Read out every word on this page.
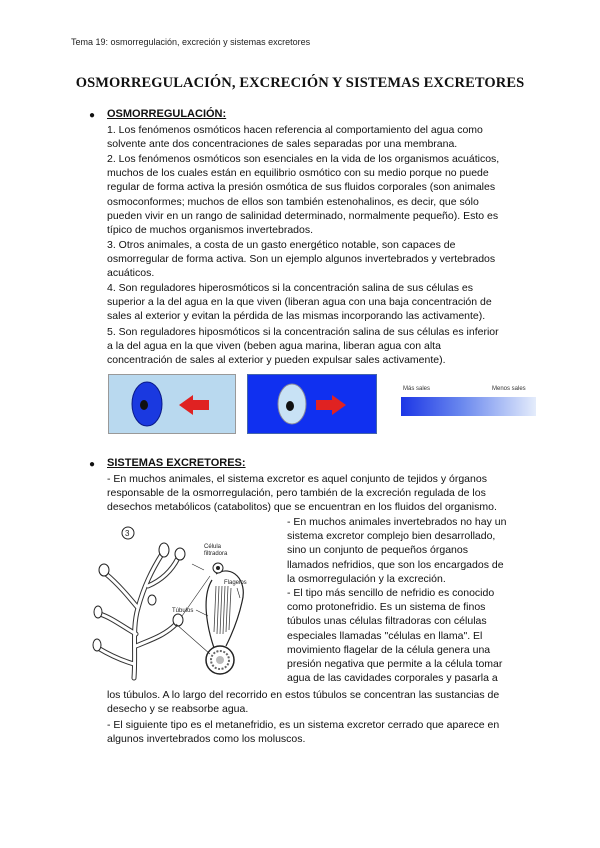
Tema 19: osmorregulación, excreción y sistemas excretores
OSMORREGULACIÓN, EXCRECIÓN Y SISTEMAS EXCRETORES
● OSMORREGULACIÓN:

1. Los fenómenos osmóticos hacen referencia al comportamiento del agua como solvente ante dos concentraciones de sales separadas por una membrana.

2. Los fenómenos osmóticos son esenciales en la vida de los organismos acuáticos, muchos de los cuales están en equilibrio osmótico con su medio porque no puede regular de forma activa la presión osmótica de sus fluidos corporales (son animales osmoconformes; muchos de ellos son también estenohalinos, es decir, que sólo pueden vivir en un rango de salinidad determinado, normalmente pequeño). Esto es típico de muchos organismos invertebrados.

3. Otros animales, a costa de un gasto energético notable, son capaces de osmorregular de forma activa. Son un ejemplo algunos invertebrados y vertebrados acuáticos.

4. Son reguladores hiperosmóticos si la concentración salina de sus células es superior a la del agua en la que viven (liberan agua con una baja concentración de sales al exterior y evitan la pérdida de las mismas incorporando las activamente).

5. Son reguladores hiposmóticos si la concentración salina de sus células es inferior a la del agua en la que viven (beben agua marina, liberan agua con alta concentración de sales al exterior y pueden expulsar sales activamente).

Más sales	Menos sales
● SISTEMAS EXCRETORES:

- En muchos animales, el sistema excretor es aquel conjunto de tejidos y órganos responsable de la osmorregulación, pero también de la excreción regulada de los desechos metabólicos (catabolitos) que se encuentran en los fluidos del organismo.

- En muchos animales invertebrados no hay un sistema excretor complejo bien desarrollado, sino un conjunto de pequeños órganos llamados nefridios, que son los encargados de la osmorregulación y la excreción.

- El tipo más sencillo de nefridio es conocido como protonefridio. Es un sistema de finos túbulos unas células filtradoras con células especiales llamadas "células en llama". El movimiento flagelar de la célula genera una presión negativa que permite a la célula tomar agua de las cavidades corporales y pasarla a

los túbulos. A lo largo del recorrido en estos túbulos se concentran las sustancias de desecho y se reabsorbe agua.

- El siguiente tipo es el metanefridio, es un sistema excretor cerrado que aparece en algunos invertebrados como los moluscos.

3
Célula
filtradora
Flagelos
Túbulos
